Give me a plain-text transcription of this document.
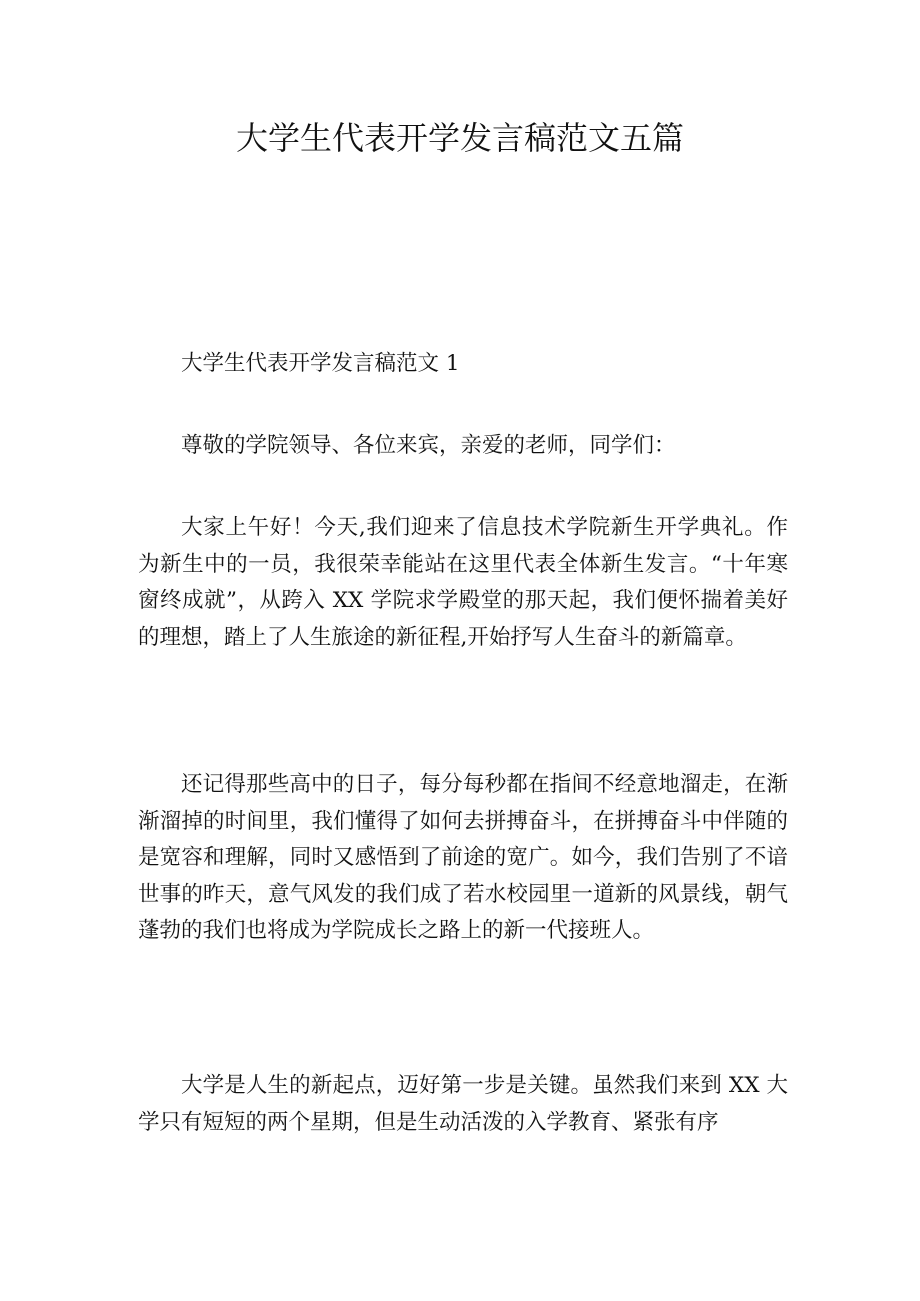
大学生代表开学发言稿范文五篇

大学生代表开学发言稿范文 1

尊敬的学院领导、各位来宾，亲爱的老师，同学们：

大家上午好！今天,我们迎来了信息技术学院新生开学典礼。作为新生中的一员，我很荣幸能站在这里代表全体新生发言。“十年寒窗终成就”，从跨入 XX 学院求学殿堂的那天起，我们便怀揣着美好的理想，踏上了人生旅途的新征程,开始抒写人生奋斗的新篇章。

还记得那些高中的日子，每分每秒都在指间不经意地溜走，在渐渐溜掉的时间里，我们懂得了如何去拼搏奋斗，在拼搏奋斗中伴随的是宽容和理解，同时又感悟到了前途的宽广。如今，我们告别了不谙世事的昨天，意气风发的我们成了若水校园里一道新的风景线，朝气蓬勃的我们也将成为学院成长之路上的新一代接班人。

大学是人生的新起点，迈好第一步是关键。虽然我们来到 XX 大学只有短短的两个星期，但是生动活泼的入学教育、紧张有序
